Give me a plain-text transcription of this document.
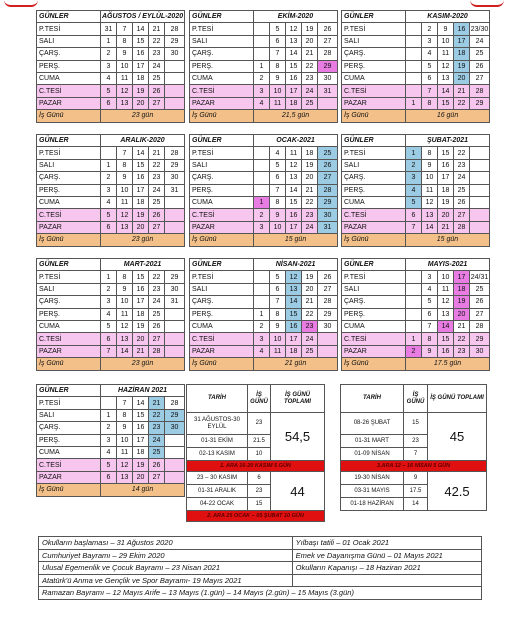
GÜNLER	AĞUSTOS / EYLÜL-2020				
P.TESİ	31	7	14	21	28
SALI	1	8	15	22	29
ÇARŞ.	2	9	16	23	30
PERŞ.	3	10	17	24	
CUMA	4	11	18	25	
C.TESİ	5	12	19	26	
PAZAR	6	13	20	27	
İş Günü	23 gün				
GÜNLER	EKİM-2020				
P.TESİ		5	12	19	26
SALI		6	13	20	27
ÇARŞ.		7	14	21	28
PERŞ.	1	8	15	22	29
CUMA	2	9	16	23	30
C.TESİ	3	10	17	24	31
PAZAR	4	11	18	25	
İş Günü	21,5 gün				
GÜNLER	KASIM-2020				
P.TESİ		2	9	16	23/30
SALI		3	10	17	24
ÇARŞ.		4	11	18	25
PERŞ.		5	12	19	26
CUMA		6	13	20	27
C.TESİ		7	14	21	28
PAZAR	1	8	15	22	29
İş Günü	16 gün				
GÜNLER	ARALIK-2020				
P.TESİ		7	14	21	28
SALI	1	8	15	22	29
ÇARŞ.	2	9	16	23	30
PERŞ.	3	10	17	24	31
CUMA	4	11	18	25	
C.TESİ	5	12	19	26	
PAZAR	6	13	20	27	
İş Günü	23 gün				
GÜNLER	OCAK-2021				
P.TESİ		4	11	18	25
SALI		5	12	19	26
ÇARŞ.		6	13	20	27
PERŞ.		7	14	21	28
CUMA	1	8	15	22	29
C.TESİ	2	9	16	23	30
PAZAR	3	10	17	24	31
İş Günü	15 gün				
GÜNLER	ŞUBAT-2021				
P.TESİ	1	8	15	22	
SALI	2	9	16	23	
ÇARŞ.	3	10	17	24	
PERŞ.	4	11	18	25	
CUMA	5	12	19	26	
C.TESİ	6	13	20	27	
PAZAR	7	14	21	28	
İş Günü	15 gün				
GÜNLER	MART-2021				
P.TESİ	1	8	15	22	29
SALI	2	9	16	23	30
ÇARŞ.	3	10	17	24	31
PERŞ.	4	11	18	25	
CUMA	5	12	19	26	
C.TESİ	6	13	20	27	
PAZAR	7	14	21	28	
İş Günü	23 gün				
GÜNLER	NİSAN-2021				
P.TESİ		5	12	19	26
SALI		6	13	20	27
ÇARŞ.		7	14	21	28
PERŞ.	1	8	15	22	29
CUMA	2	9	16	23	30
C.TESİ	3	10	17	24	
PAZAR	4	11	18	25	
İş Günü	21 gün				
GÜNLER	MAYIS-2021				
P.TESİ		3	10	17	24/31
SALI		4	11	18	25
ÇARŞ.		5	12	19	26
PERŞ.		6	13	20	27
CUMA		7	14	21	28
C.TESİ	1	8	15	22	29
PAZAR	2	9	16	23	30
İş Günü	17.5 gün				
GÜNLER	HAZİRAN 2021				
P.TESİ		7	14	21	28
SALI	1	8	15	22	29
ÇARŞ.	2	9	16	23	30
PERŞ.	3	10	17	24	
CUMA	4	11	18	25	
C.TESİ	5	12	19	26	
PAZAR	6	13	20	27	
İş Günü	14 gün				
TARİH	İŞ GÜNÜ	İŞ GÜNÜ TOPLAMI
31 AĞUSTOS-30 EYLÜL	23	54,5
01-31 EKİM	21.5	
02-13 KASIM	10	
1. ARA 16-20 KASIM 5 GÜN		
23 – 30 KASIM	6	44
01-31 ARALIK	23	
04-22 OCAK	15	
2. ARA 25 OCAK – 05 ŞUBAT 10 GÜN		
TARİH	İŞ GÜNÜ	İŞ GÜNÜ TOPLAMI
08-26 ŞUBAT	15	45
01-31 MART	23	
01-09 NİSAN	7	
3.ARA 12 – 16 NİSAN 5 GÜN		
19-30 NİSAN	9	42.5
03-31 MAYIS	17.5	
01-18 HAZİRAN	14	
Okulların başlaması – 31 Ağustos 2020	Yılbaşı tatili – 01 Ocak 2021
Cumhuriyet Bayramı – 29 Ekim 2020	Emek ve Dayanışma Günü – 01 Mayıs 2021
Ulusal Egemenlik ve Çocuk Bayramı – 23 Nisan 2021	Okulların Kapanışı – 18 Haziran 2021
Atatürk'ü Anma ve Gençlik ve Spor Bayramı- 19 Mayıs 2021	
Ramazan Bayramı – 12 Mayıs Arife – 13 Mayıs (1.gün) – 14 Mayıs (2.gün) – 15 Mayıs (3.gün)	
